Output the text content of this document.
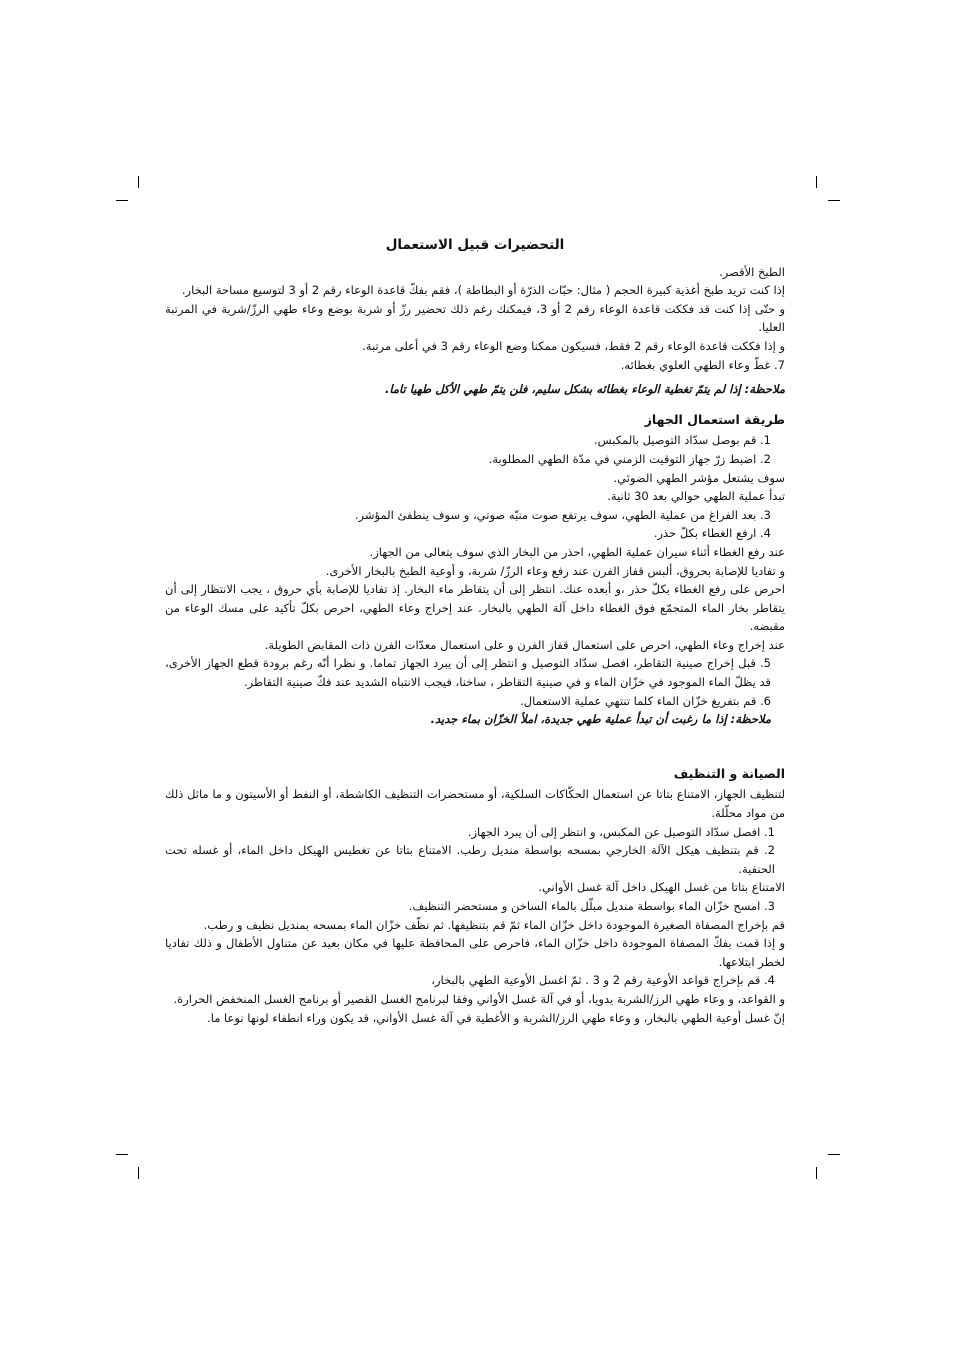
التحضيرات قبيل الاستعمال

الطبخ الأقصر.

إذا كنت تريد طبخ أغذية كبيرة الحجم ( مثال: حبّات الذرّة أو البطاطة )، فقم بفكّ قاعدة الوعاء رقم 2 أو 3 لتوسيع مساحة البخار.

و حتّى إذا كنت قد فككت قاعدة الوعاء رقم 2 أو 3، فيمكنك رغم ذلك تحضير رزّ أو شربة بوضع وعاء طهي الرزّ/شربة في المرتبة العليا.

و إذا فككت قاعدة الوعاء رقم 2 فقط، فسيكون ممكنا وضع الوعاء رقم 3 في أعلى مرتبة.

7. غطّ وعاء الطهي العلوي بغطائه.

ملاحظة: إذا لم يتمّ تغطية الوعاء بغطائه بشكل سليم، فلن يتمّ طهي الأكل طهيا تاما.

طريقة استعمال الجهاز

1. قم بوصل سدّاد التوصيل بالمكبس.

2. اضبط زرّ جهاز التوقيت الزمني في مدّة الطهي المطلوبة.

سوف يشتعل مؤشر الطهي الضوئي.

تبدأ عملية الطهي حوالي بعد 30 ثانية.

3. بعد الفراغ من عملية الطهي، سوف يرتفع صوت منبّه صوتي، و سوف ينطفئ المؤشر.

4. ارفع الغطاء بكلّ حذر.

عند رفع الغطاء أثناء سيران عملية الطهي، احذر من البخار الذي سوف يتعالى من الجهاز.

و تفاديا للإصابة بحروق، ألبس قفاز الفرن عند رفع وعاء الرزّ/ شربة، و أوعية الطبخ بالبخار الأخرى.

احرص على رفع الغطاء بكلّ حذر ،و أبعده عنك. انتظر إلى أن يتقاطر ماء البخار. إذ تفاديا للإصابة بأي حروق ، يجب الانتظار إلى أن يتقاطر بخار الماء المتجمّع فوق الغطاء داخل آلة الطهي بالبخار. عند إخراج وعاء الطهي، احرص بكلّ تأكيد على مسك الوعاء من مقبضه.

عند إخراج وعاء الطهي، احرص على استعمال قفاز الفرن و على استعمال معدّات الفرن ذات المقابض الطويلة.

5. قبل إخراج صينية التقاطر، افصل سدّاد التوصيل و انتظر إلى أن يبرد الجهاز تماما. و نظرا أنّه رغم برودة قطع الجهاز الأخرى، قد يظلّ الماء الموجود في خزّان الماء و في صينية التقاطر ، ساخنا، فيجب الانتباه الشديد عند فكّ صينية التقاطر.

6. قم بتفريغ خزّان الماء كلما تنتهي عملية الاستعمال.

ملاحظة: إذا ما رغبت أن تبدأ عملية طهي جديدة، املأ الخزّان بماء جديد.

الصيانة و التنظيف

لتنظيف الجهاز، الامتناع بتاتا عن استعمال الحكّاكات السلكية، أو مستحضرات التنظيف الكاشطة، أو النفط أو الأسيتون و ما ماثل ذلك من مواد محلّلة.

1. افصل سدّاد التوصيل عن المكبس، و انتظر إلى أن يبرد الجهاز.

2. قم بتنظيف هيكل الآلة الخارجي بمسحه بواسطة منديل رطب. الامتناع بتاتا عن تغطيس الهيكل داخل الماء، أو غسله تحت الحنفية.

الامتناع بتاتا من غسل الهيكل داخل آلة غسل الأواني.

3. امسح خزّان الماء بواسطة منديل مبلّل بالماء الساخن و مستحضر التنظيف.

قم بإخراج المصفاة الصغيرة الموجودة داخل خزّان الماء ثمّ قم بتنظيفها. ثم نظّف خزّان الماء بمسحه بمنديل نظيف و رطب.

و إذا قمت بفكّ المصفاة الموجودة داخل خزّان الماء، فاحرص على المحافظة عليها في مكان بعيد عن متناول الأطفال و ذلك تفاديا لخطر ابتلاعها.

4. قم بإخراج قواعد الأوعية رقم 2 و 3 . ثمّ اغسل الأوعية الطهي بالبخار،

و القواعد، و وعاء طهي الرز/الشربة يدويا، أو في آلة غسل الأواني وفقا لبرنامج الغسل القصير أو برنامج الغسل المنخفض الحرارة.

إنّ غسل أوعية الطهي بالبخار، و وعاء طهي الرز/الشربة و الأغطية في آلة غسل الأواني، قد يكون وراء انطفاء لونها نوعا ما.
